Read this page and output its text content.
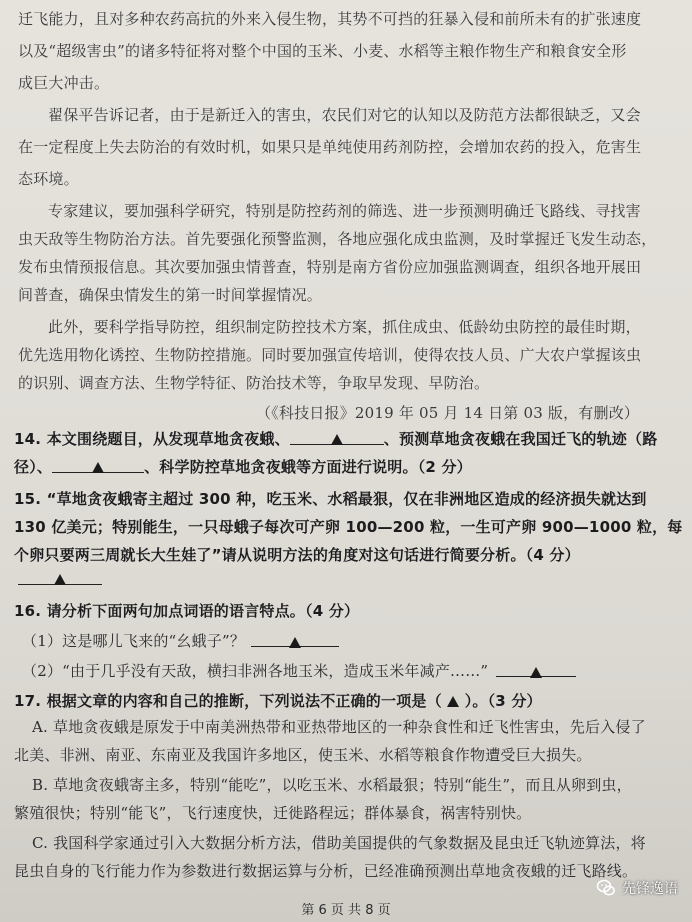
迁飞能力，且对多种农药高抗的外来入侵生物，其势不可挡的狂暴入侵和前所未有的扩张速度
以及“超级害虫”的诸多特征将对整个中国的玉米、小麦、水稻等主粮作物生产和粮食安全形
成巨大冲击。
翟保平告诉记者，由于是新迁入的害虫，农民们对它的认知以及防范方法都很缺乏，又会
在一定程度上失去防治的有效时机，如果只是单纯使用药剂防控，会增加农药的投入，危害生
态环境。
专家建议，要加强科学研究，特别是防控药剂的筛选、进一步预测明确迁飞路线、寻找害
虫天敌等生物防治方法。首先要强化预警监测，各地应强化成虫监测，及时掌握迁飞发生动态，
发布虫情预报信息。其次要加强虫情普查，特别是南方省份应加强监测调查，组织各地开展田
间普查，确保虫情发生的第一时间掌握情况。
此外，要科学指导防控，组织制定防控技术方案，抓住成虫、低龄幼虫防控的最佳时期，
优先选用物化诱控、生物防控措施。同时要加强宣传培训，使得农技人员、广大农户掌握该虫
的识别、调查方法、生物学特征、防治技术等，争取早发现、早防治。
（《科技日报》2019 年 05 月 14 日第 03 版，有删改）
14. 本文围绕题目，从发现草地贪夜蛾、	、预测草地贪夜蛾在我国迁飞的轨迹（路
径）、	、科学防控草地贪夜蛾等方面进行说明。（2 分）
15. “草地贪夜蛾寄主超过 300 种，吃玉米、水稻最狠，仅在非洲地区造成的经济损失就达到
130 亿美元；特别能生，一只母蛾子每次可产卵 100—200 粒，一生可产卵 900—1000 粒，每
个卵只要两三周就长大生娃了”请从说明方法的角度对这句话进行简要分析。（4 分）
16. 请分析下面两句加点词语的语言特点。（4 分）
（1）这是哪儿飞来的“幺蛾子”？
（2）“由于几乎没有天敌，横扫非洲各地玉米，造成玉米年减产……”
17. 根据文章的内容和自己的推断，下列说法不正确的一项是（ ）。（3 分）
A. 草地贪夜蛾是原发于中南美洲热带和亚热带地区的一种杂食性和迁飞性害虫，先后入侵了
北美、非洲、南亚、东南亚及我国许多地区，使玉米、水稻等粮食作物遭受巨大损失。
B. 草地贪夜蛾寄主多，特别“能吃”，以吃玉米、水稻最狠；特别“能生”，而且从卵到虫，
繁殖很快；特别“能飞”，飞行速度快，迁徙路程远；群体暴食，祸害特别快。
C. 我国科学家通过引入大数据分析方法，借助美国提供的气象数据及昆虫迁飞轨迹算法，将
昆虫自身的飞行能力作为参数进行数据运算与分析，已经准确预测出草地贪夜蛾的迁飞路线。
第 6 页 共 8 页
先锋逸语
